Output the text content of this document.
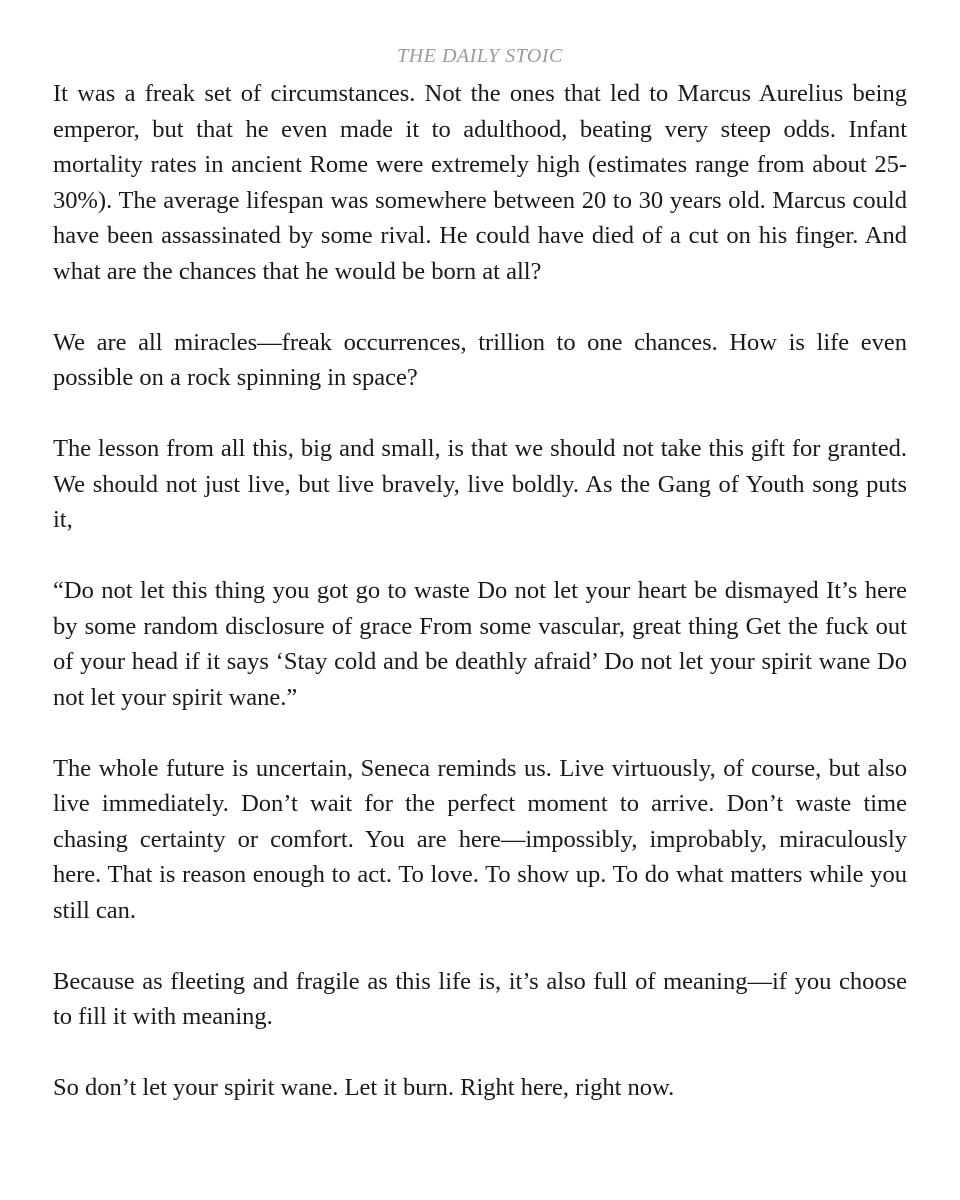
THE DAILY STOIC

It was a freak set of circumstances. Not the ones that led to Marcus Aurelius being emperor, but that he even made it to adulthood, beating very steep odds. Infant mortality rates in ancient Rome were extremely high (estimates range from about 25-30%). The average lifespan was somewhere between 20 to 30 years old. Marcus could have been assassinated by some rival. He could have died of a cut on his finger. And what are the chances that he would be born at all?

We are all miracles—freak occurrences, trillion to one chances. How is life even possible on a rock spinning in space?

The lesson from all this, big and small, is that we should not take this gift for granted. We should not just live, but live bravely, live boldly. As the Gang of Youth song puts it,

“Do not let this thing you got go to waste Do not let your heart be dismayed It’s here by some random disclosure of grace From some vascular, great thing Get the fuck out of your head if it says ‘Stay cold and be deathly afraid’ Do not let your spirit wane Do not let your spirit wane.”

The whole future is uncertain, Seneca reminds us. Live virtuously, of course, but also live immediately. Don’t wait for the perfect moment to arrive. Don’t waste time chasing certainty or comfort. You are here—impossibly, improbably, miraculously here. That is reason enough to act. To love. To show up. To do what matters while you still can.

Because as fleeting and fragile as this life is, it’s also full of meaning—if you choose to fill it with meaning.

So don’t let your spirit wane. Let it burn. Right here, right now.
